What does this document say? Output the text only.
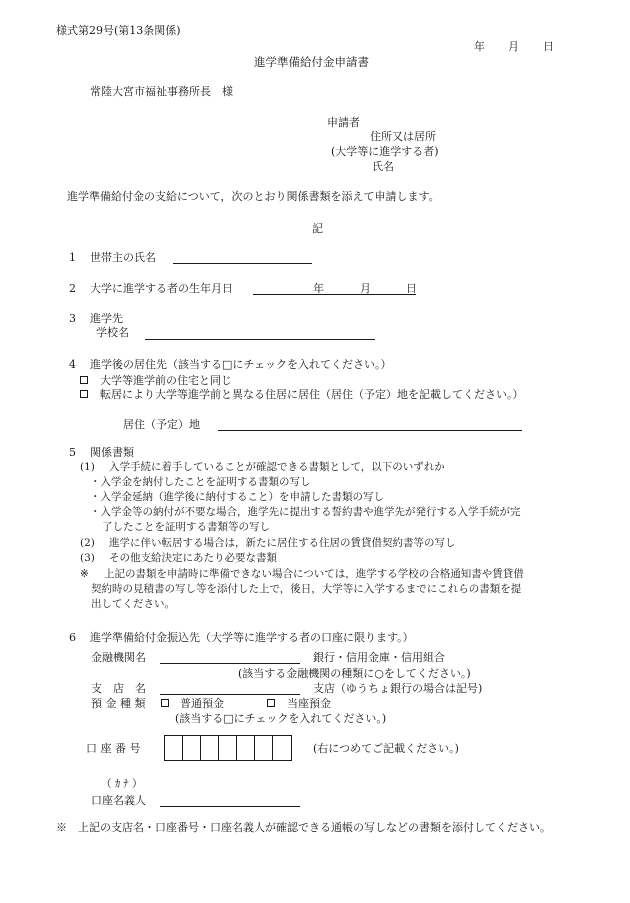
様式第29号(第13条関係)
年 月 日
進学準備給付金申請書
常陸大宮市福祉事務所長　様
申請者
住所又は居所
(大学等に進学する者)
氏名
進学準備給付金の支給について，次のとおり関係書類を添えて申請します。
記
1 世帯主の氏名
2 大学に進学する者の生年月日	年	月	日
3 進学先
学校名
4 進学後の居住先（該当する□にチェックを入れてください。）
大学等進学前の住宅と同じ
転居により大学等進学前と異なる住居に居住（居住（予定）地を記載してください。）
居住（予定）地
5 関係書類
(1) 入学手続に着手していることが確認できる書類として，以下のいずれか
・入学金を納付したことを証明する書類の写し
・入学金延納（進学後に納付すること）を申請した書類の写し
・入学金等の納付が不要な場合，進学先に提出する誓約書や進学先が発行する入学手続が完
了したことを証明する書類等の写し
(2) 進学に伴い転居する場合は，新たに居住する住居の賃貸借契約書等の写し
(3) その他支給決定にあたり必要な書類
※ 上記の書類を申請時に準備できない場合については，進学する学校の合格通知書や賃貸借
契約時の見積書の写し等を添付した上で，後日，大学等に入学するまでにこれらの書類を提
出してください。
6 進学準備給付金振込先（大学等に進学する者の口座に限ります。）
金融機関名	銀行・信用金庫・信用組合
(該当する金融機関の種類に○をしてください。)
支　店　名	支店（ゆうちょ銀行の場合は記号)
預 金 種 類	普通預金	当座預金
(該当する□にチェックを入れてください。)
口 座 番 号	(右につめてご記載ください。)
（ ｶ ﾅ ）
口座名義人
※　上記の支店名・口座番号・口座名義人が確認できる通帳の写しなどの書類を添付してください。
